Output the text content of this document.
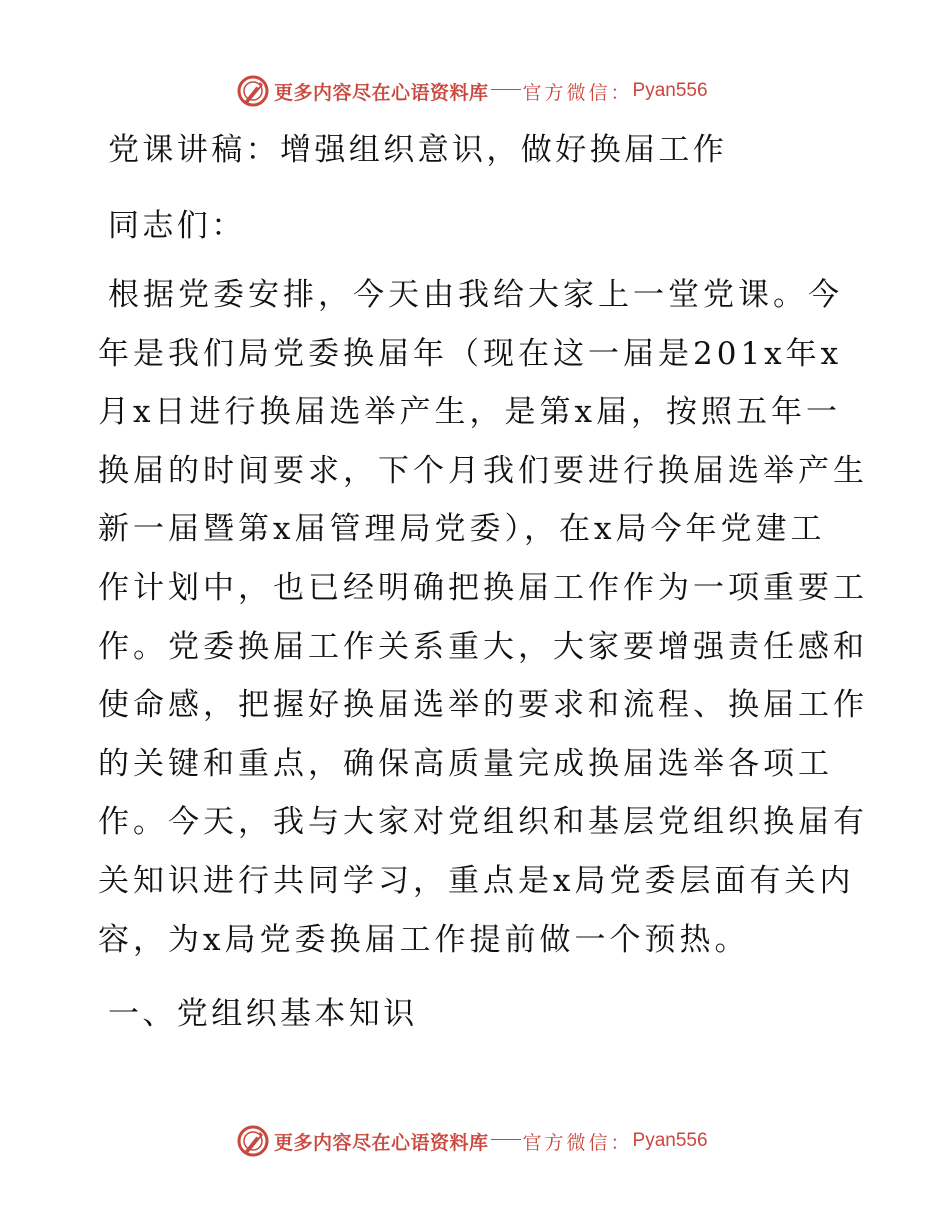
更多内容尽在心语资料库 官方微信： Pyan556
党课讲稿：增强组织意识，做好换届工作

同志们：

根据党委安排，今天由我给大家上一堂党课。今
年是我们局党委换届年（现在这一届是201x年x
月x日进行换届选举产生，是第x届，按照五年一
换届的时间要求，下个月我们要进行换届选举产生
新一届暨第x届管理局党委），在x局今年党建工
作计划中，也已经明确把换届工作作为一项重要工
作。党委换届工作关系重大，大家要增强责任感和
使命感，把握好换届选举的要求和流程、换届工作
的关键和重点，确保高质量完成换届选举各项工
作。今天，我与大家对党组织和基层党组织换届有
关知识进行共同学习，重点是x局党委层面有关内
容，为x局党委换届工作提前做一个预热。
一、党组织基本知识
更多内容尽在心语资料库 官方微信： Pyan556
